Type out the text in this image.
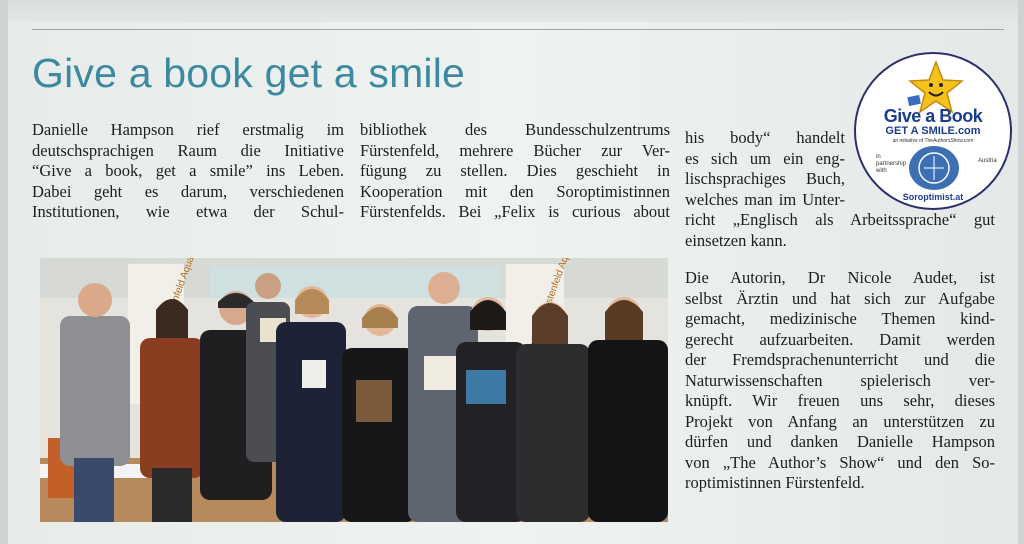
Give a book get a smile
Danielle Hampson rief erstmalig im
deutschsprachigen Raum die Initiative
“Give a book, get a smile” ins Leben.
Dabei geht es darum, verschiedenen
Institutionen, wie etwa der Schul-
bibliothek des Bundesschulzentrums
Fürstenfeld, mehrere Bücher zur Ver-
fügung zu stellen. Dies geschieht in
Kooperation mit den Soroptimistinnen
Fürstenfelds. Bei „Felix is curious about
his body“ handelt
es sich um ein eng-
lischsprachiges Buch,
welches man im Unter-
richt „Englisch als Arbeitssprache“ gut
einsetzen kann.
Die Autorin, Dr Nicole Audet, ist
selbst Ärztin und hat sich zur Aufgabe
gemacht, medizinische Themen kind-
gerecht aufzuarbeiten. Damit werden
der Fremdsprachenunterricht und die
Naturwissenschaften spielerisch ver-
knüpft. Wir freuen uns sehr, dieses
Projekt von Anfang an unterstützen zu
dürfen und danken Danielle Hampson
von „The Author’s Show“ und den So-
roptimistinnen Fürstenfeld.
Give a Book
GET A SMILE.com
an initiative of TheAuthorsShow.com
in partnership with
Austria
Soroptimist.at
Aqua
Fürstenfeld
